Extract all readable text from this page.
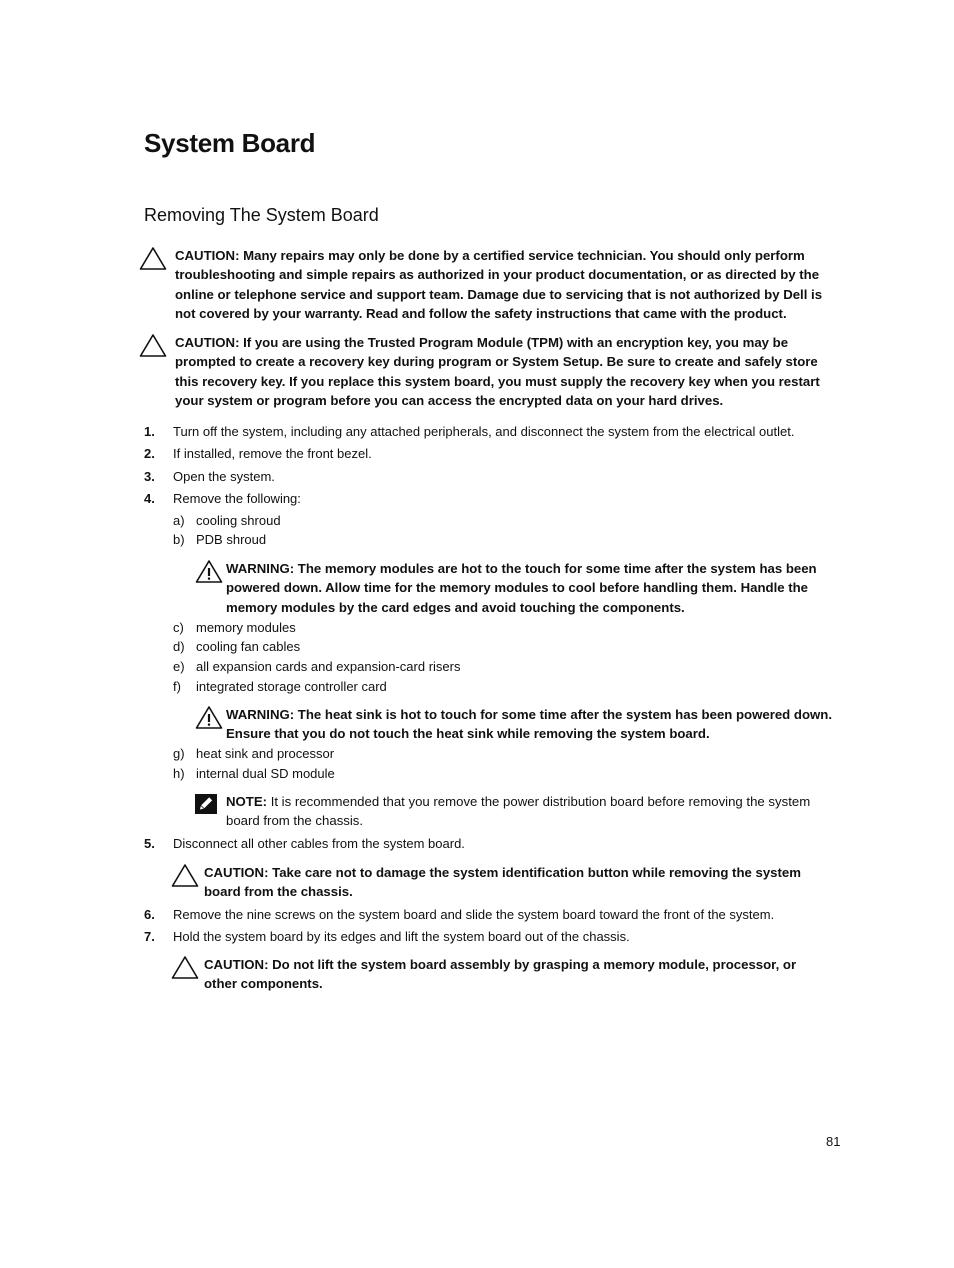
System Board
Removing The System Board
CAUTION: Many repairs may only be done by a certified service technician. You should only perform troubleshooting and simple repairs as authorized in your product documentation, or as directed by the online or telephone service and support team. Damage due to servicing that is not authorized by Dell is not covered by your warranty. Read and follow the safety instructions that came with the product.
CAUTION: If you are using the Trusted Program Module (TPM) with an encryption key, you may be prompted to create a recovery key during program or System Setup. Be sure to create and safely store this recovery key. If you replace this system board, you must supply the recovery key when you restart your system or program before you can access the encrypted data on your hard drives.
1. Turn off the system, including any attached peripherals, and disconnect the system from the electrical outlet.
2. If installed, remove the front bezel.
3. Open the system.
4. Remove the following:
a) cooling shroud
b) PDB shroud
WARNING: The memory modules are hot to the touch for some time after the system has been powered down. Allow time for the memory modules to cool before handling them. Handle the memory modules by the card edges and avoid touching the components.
c) memory modules
d) cooling fan cables
e) all expansion cards and expansion-card risers
f) integrated storage controller card
WARNING: The heat sink is hot to touch for some time after the system has been powered down. Ensure that you do not touch the heat sink while removing the system board.
g) heat sink and processor
h) internal dual SD module
NOTE: It is recommended that you remove the power distribution board before removing the system board from the chassis.
5. Disconnect all other cables from the system board.
CAUTION: Take care not to damage the system identification button while removing the system board from the chassis.
6. Remove the nine screws on the system board and slide the system board toward the front of the system.
7. Hold the system board by its edges and lift the system board out of the chassis.
CAUTION: Do not lift the system board assembly by grasping a memory module, processor, or other components.
81
